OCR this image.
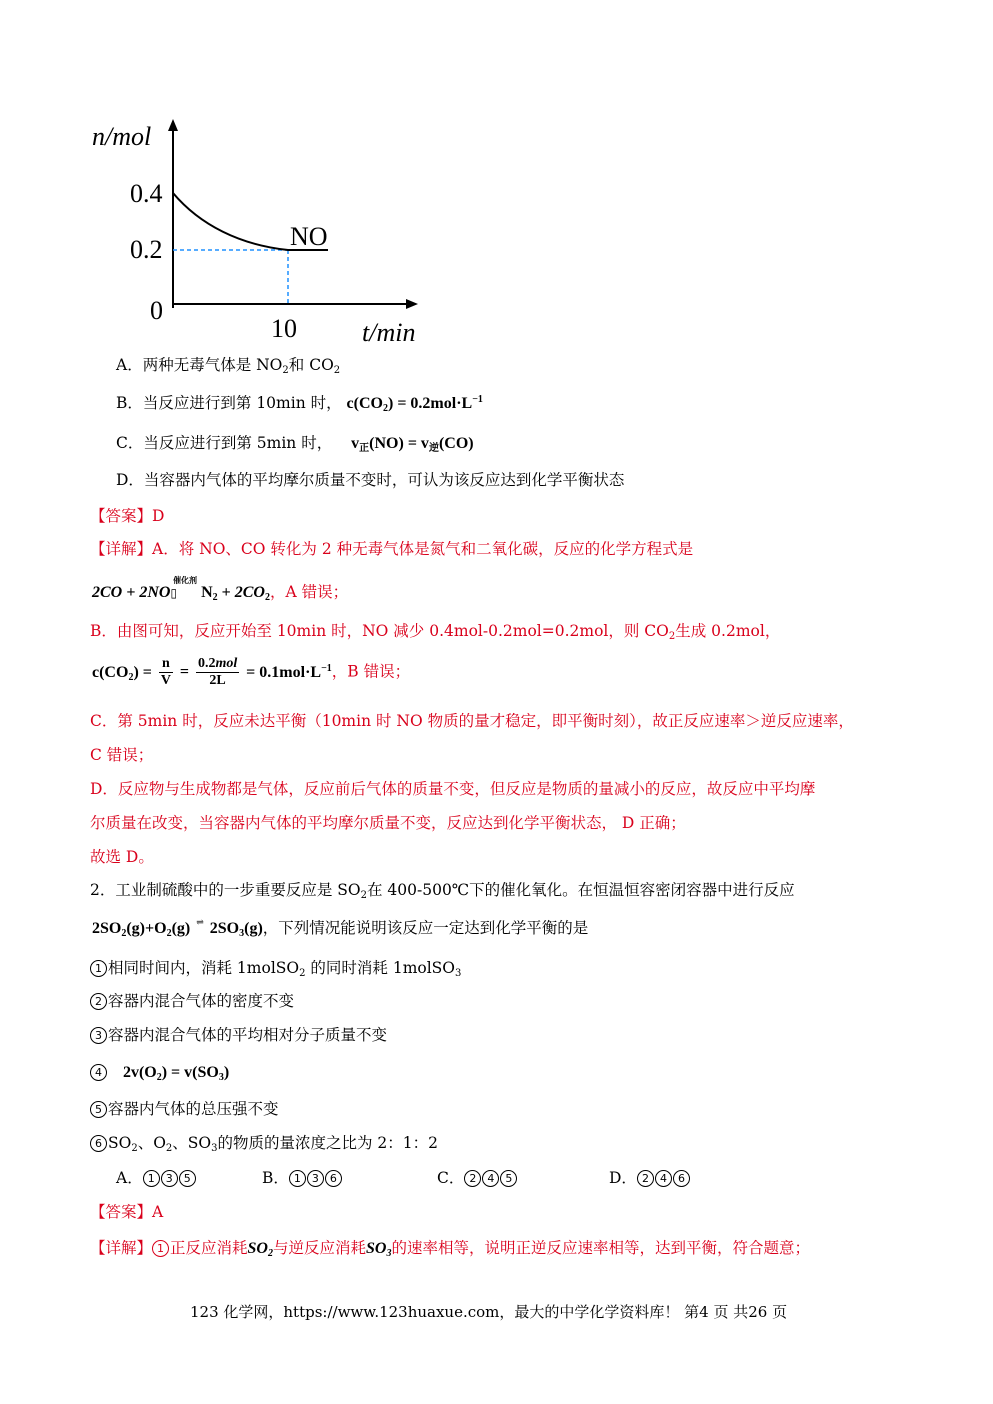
n/mol
0.4
0.2
0
10	t/min
NO
A．两种无毒气体是 $NO_2$和 $CO_2$
B．当反应进行到第 10min 时， $c(CO_2) = 0.2mol\cdot L^{-1}$
C．当反应进行到第 5min 时， $v_正(NO) = v_逆(CO)$
D．当容器内气体的平均摩尔质量不变时，可认为该反应达到化学平衡状态
【答案】D
【详解】A．将 NO、CO 转化为 2 种无毒气体是氮气和二氧化碳，反应的化学方程式是
$2CO + 2NO▯^{催化剂}N_2 + 2CO_2$，A 错误；
B．由图可知，反应开始至 10min 时，NO 减少 0.4mol-0.2mol=0.2mol，则 $CO_2$生成 0.2mol，
$c(CO_2) = \frac{n}{V} = \frac{\text{0.2mol}}{2L} = 0.1mol\cdot L^{-1}$，B 错误；
C．第 5min 时，反应未达平衡（10min 时 NO 物质的量才稳定，即平衡时刻），故正反应速率＞逆反应速率，
C 错误；
D．反应物与生成物都是气体，反应前后气体的质量不变，但反应是物质的量减小的反应，故反应中平均摩
尔质量在改变，当容器内气体的平均摩尔质量不变，反应达到化学平衡状态， D 正确；
故选 D。
2．工业制硫酸中的一步重要反应是 $SO_2$在 400-500℃下的催化氧化。在恒温恒容密闭容器中进行反应
$2SO_2(g)+O_2(g)$ ⇌ $2SO_3(g)$，下列情况能说明该反应一定达到化学平衡的是
1 相同时间内，消耗 1molSO$_2$ 的同时消耗 1molSO$_3$
2 容器内混合气体的密度不变
3 容器内混合气体的平均相对分子质量不变
4 $2v(O_2) = v(SO_3)$
5 容器内气体的总压强不变
6 $SO_2$、$O_2$、$SO_3$的物质的量浓度之比为 2：1：2
A． 1 3 5	B． 1 3 6	C． 2 4 5	D． 2 4 6
【答案】A
【详解】 1 正反应消耗$SO_2$与逆反应消耗$SO_3$的速率相等，说明正逆反应速率相等，达到平衡，符合题意；
123 化学网，https://www.123huaxue.com，最大的中学化学资料库！ 第4 页 共26 页
